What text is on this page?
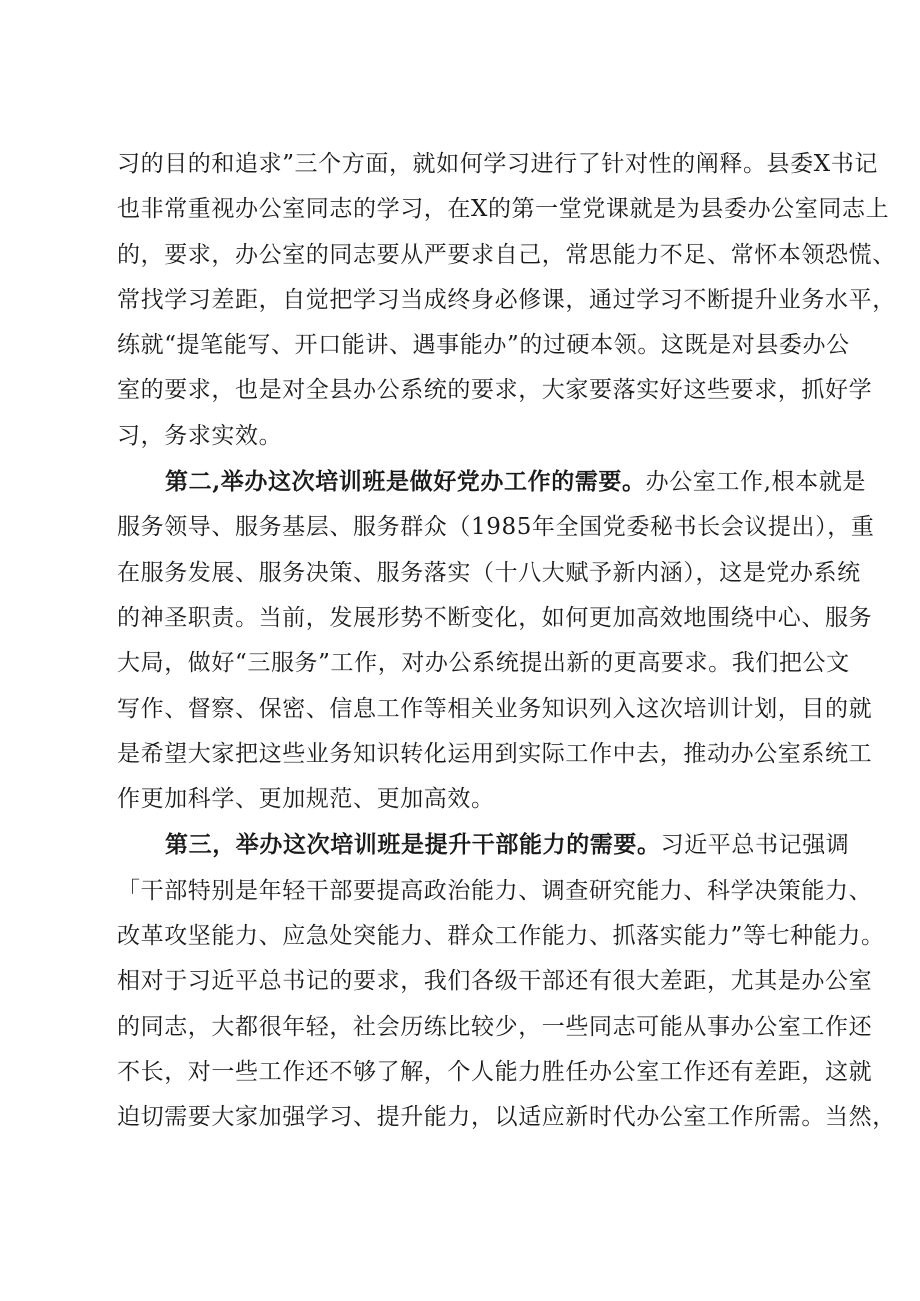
习的目的和追求”三个方面，就如何学习进行了针对性的阐释。县委X书记
也非常重视办公室同志的学习，在X的第一堂党课就是为县委办公室同志上
的，要求，办公室的同志要从严要求自己，常思能力不足、常怀本领恐慌、
常找学习差距，自觉把学习当成终身必修课，通过学习不断提升业务水平，
练就“提笔能写、开口能讲、遇事能办”的过硬本领。这既是对县委办公
室的要求，也是对全县办公系统的要求，大家要落实好这些要求，抓好学
习，务求实效。
第二,举办这次培训班是做好党办工作的需要。办公室工作,根本就是
服务领导、服务基层、服务群众（1985年全国党委秘书长会议提出），重
在服务发展、服务决策、服务落实（十八大赋予新内涵），这是党办系统
的神圣职责。当前，发展形势不断变化，如何更加高效地围绕中心、服务
大局，做好“三服务”工作，对办公系统提出新的更高要求。我们把公文
写作、督察、保密、信息工作等相关业务知识列入这次培训计划，目的就
是希望大家把这些业务知识转化运用到实际工作中去，推动办公室系统工
作更加科学、更加规范、更加高效。
第三，举办这次培训班是提升干部能力的需要。习近平总书记强调
「干部特别是年轻干部要提高政治能力、调查研究能力、科学决策能力、
改革攻坚能力、应急处突能力、群众工作能力、抓落实能力”等七种能力。
相对于习近平总书记的要求，我们各级干部还有很大差距，尤其是办公室
的同志，大都很年轻，社会历练比较少，一些同志可能从事办公室工作还
不长，对一些工作还不够了解，个人能力胜任办公室工作还有差距，这就
迫切需要大家加强学习、提升能力，以适应新时代办公室工作所需。当然，
